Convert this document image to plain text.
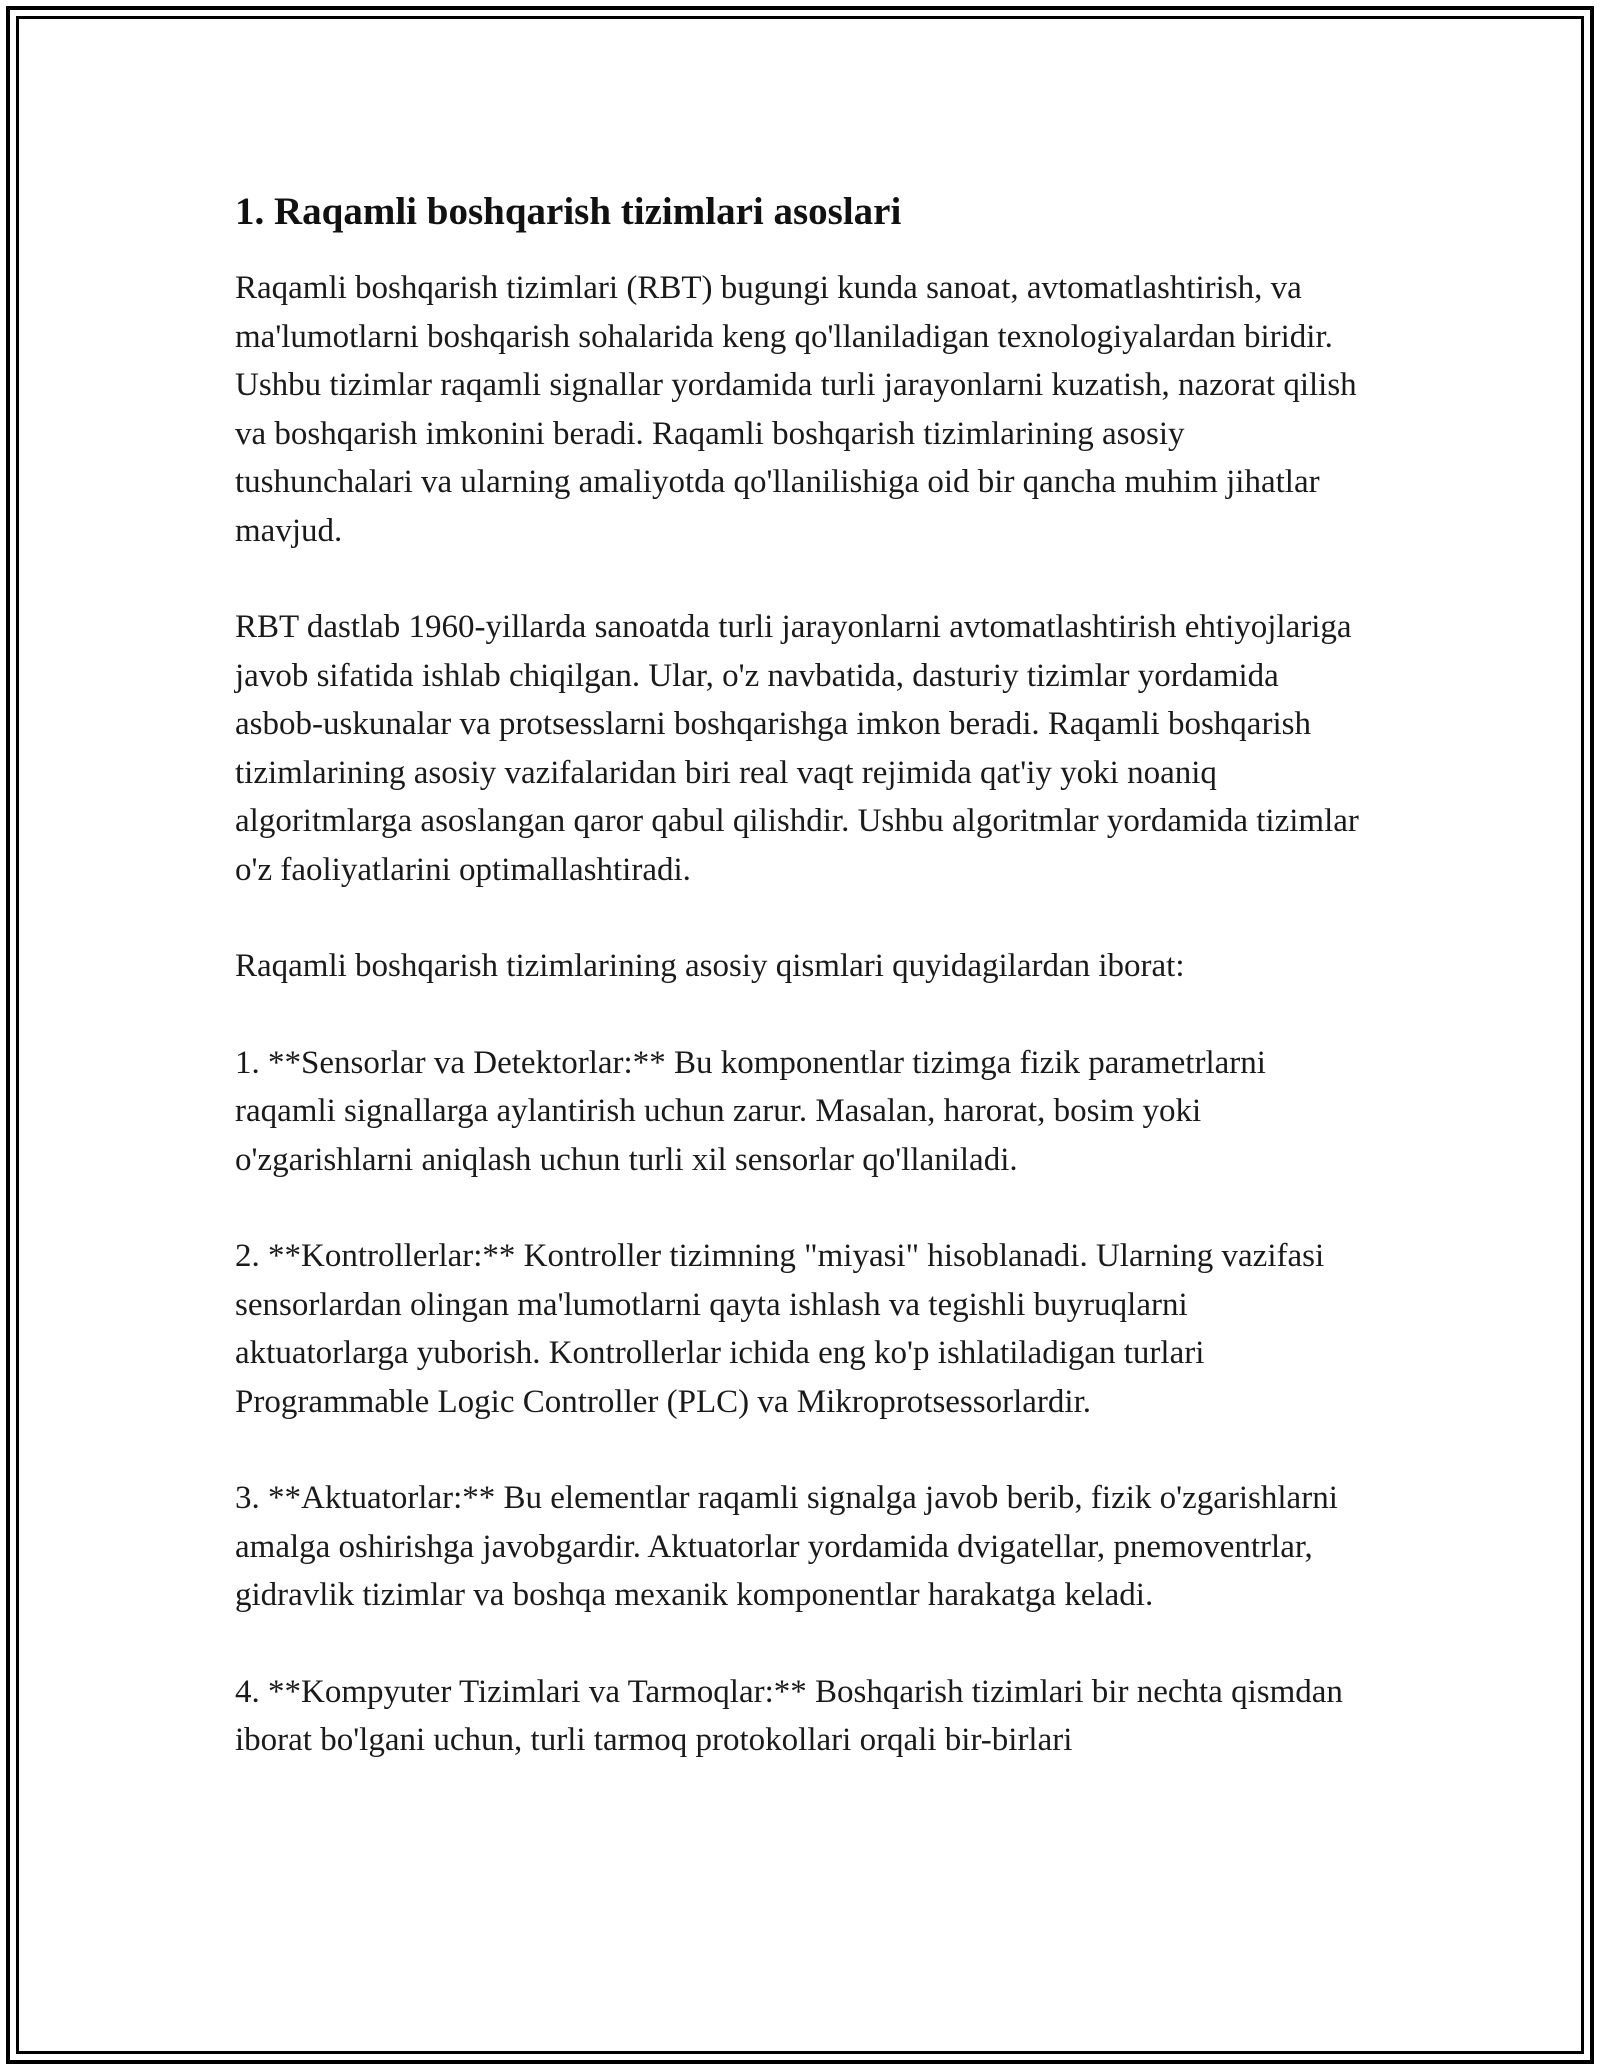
1. Raqamli boshqarish tizimlari asoslari

Raqamli boshqarish tizimlari (RBT) bugungi kunda sanoat, avtomatlashtirish, va ma'lumotlarni boshqarish sohalarida keng qo'llaniladigan texnologiyalardan biridir. Ushbu tizimlar raqamli signallar yordamida turli jarayonlarni kuzatish, nazorat qilish va boshqarish imkonini beradi. Raqamli boshqarish tizimlarining asosiy tushunchalari va ularning amaliyotda qo'llanilishiga oid bir qancha muhim jihatlar mavjud.

RBT dastlab 1960-yillarda sanoatda turli jarayonlarni avtomatlashtirish ehtiyojlariga javob sifatida ishlab chiqilgan. Ular, o'z navbatida, dasturiy tizimlar yordamida asbob-uskunalar va protsesslarni boshqarishga imkon beradi. Raqamli boshqarish tizimlarining asosiy vazifalaridan biri real vaqt rejimida qat'iy yoki noaniq algoritmlarga asoslangan qaror qabul qilishdir. Ushbu algoritmlar yordamida tizimlar o'z faoliyatlarini optimallashtiradi.

Raqamli boshqarish tizimlarining asosiy qismlari quyidagilardan iborat:

1. **Sensorlar va Detektorlar:** Bu komponentlar tizimga fizik parametrlarni raqamli signallarga aylantirish uchun zarur. Masalan, harorat, bosim yoki o'zgarishlarni aniqlash uchun turli xil sensorlar qo'llaniladi.

2. **Kontrollerlar:** Kontroller tizimning "miyasi" hisoblanadi. Ularning vazifasi sensorlardan olingan ma'lumotlarni qayta ishlash va tegishli buyruqlarni aktuatorlarga yuborish. Kontrollerlar ichida eng ko'p ishlatiladigan turlari Programmable Logic Controller (PLC) va Mikroprotsessorlardir.

3. **Aktuatorlar:** Bu elementlar raqamli signalga javob berib, fizik o'zgarishlarni amalga oshirishga javobgardir. Aktuatorlar yordamida dvigatellar, pnemoventrlar, gidravlik tizimlar va boshqa mexanik komponentlar harakatga keladi.

4. **Kompyuter Tizimlari va Tarmoqlar:** Boshqarish tizimlari bir nechta qismdan iborat bo'lgani uchun, turli tarmoq protokollari orqali bir-birlari
